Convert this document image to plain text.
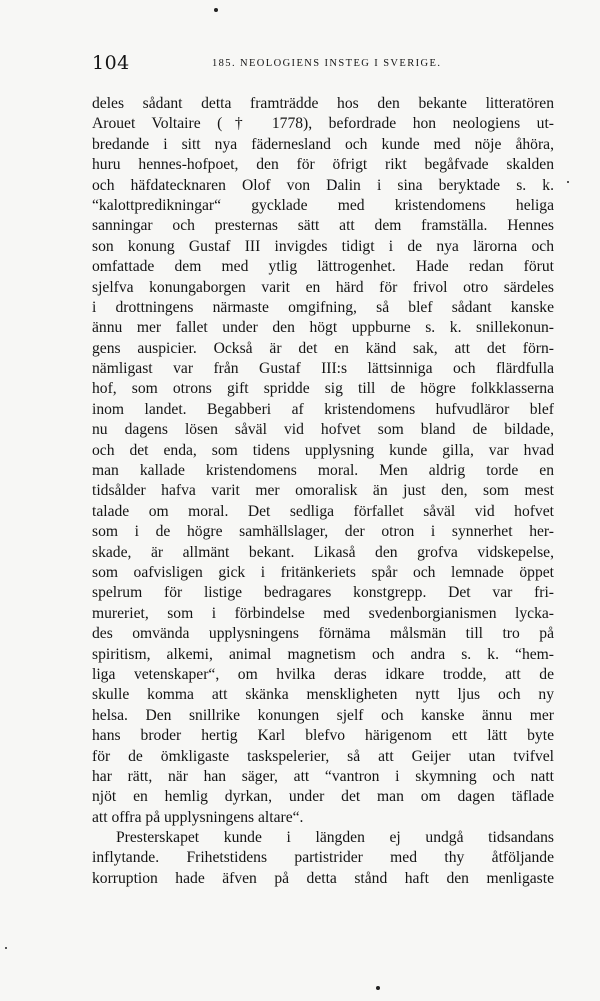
104	185. NEOLOGIENS INSTEG I SVERIGE.
deles sådant detta framträdde hos den bekante litteratören
Arouet Voltaire († 1778), befordrade hon neologiens ut-
bredande i sitt nya fädernesland och kunde med nöje åhöra,
huru hennes-hofpoet, den för öfrigt rikt begåfvade skalden
och häfdatecknaren Olof von Dalin i sina beryktade s. k.
“kalottpredikningar“ gycklade med kristendomens heliga
sanningar och presternas sätt att dem framställa. Hennes
son konung Gustaf III invigdes tidigt i de nya lärorna och
omfattade dem med ytlig lättrogenhet. Hade redan förut
sjelfva konungaborgen varit en härd för frivol otro särdeles
i drottningens närmaste omgifning, så blef sådant kanske
ännu mer fallet under den högt uppburne s. k. snillekonun-
gens auspicier. Också är det en känd sak, att det förn-
nämligast var från Gustaf III:s lättsinniga och flärdfulla
hof, som otrons gift spridde sig till de högre folkklasserna
inom landet. Begabberi af kristendomens hufvudläror blef
nu dagens lösen såväl vid hofvet som bland de bildade,
och det enda, som tidens upplysning kunde gilla, var hvad
man kallade kristendomens moral. Men aldrig torde en
tidsålder hafva varit mer omoralisk än just den, som mest
talade om moral. Det sedliga förfallet såväl vid hofvet
som i de högre samhällslager, der otron i synnerhet her-
skade, är allmänt bekant. Likaså den grofva vidskepelse,
som oafvisligen gick i fritänkeriets spår och lemnade öppet
spelrum för listige bedragares konstgrepp. Det var fri-
mureriet, som i förbindelse med svedenborgianismen lycka-
des omvända upplysningens förnäma målsmän till tro på
spiritism, alkemi, animal magnetism och andra s. k. “hem-
liga vetenskaper“, om hvilka deras idkare trodde, att de
skulle komma att skänka menskligheten nytt ljus och ny
helsa. Den snillrike konungen sjelf och kanske ännu mer
hans broder hertig Karl blefvo härigenom ett lätt byte
för de ömkligaste taskspelerier, så att Geijer utan tvifvel
har rätt, när han säger, att “vantron i skymning och natt
njöt en hemlig dyrkan, under det man om dagen täflade
att offra på upplysningens altare“.
Presterskapet kunde i längden ej undgå tidsandans
inflytande. Frihetstidens partistrider med thy åtföljande
korruption hade äfven på detta stånd haft den menligaste
